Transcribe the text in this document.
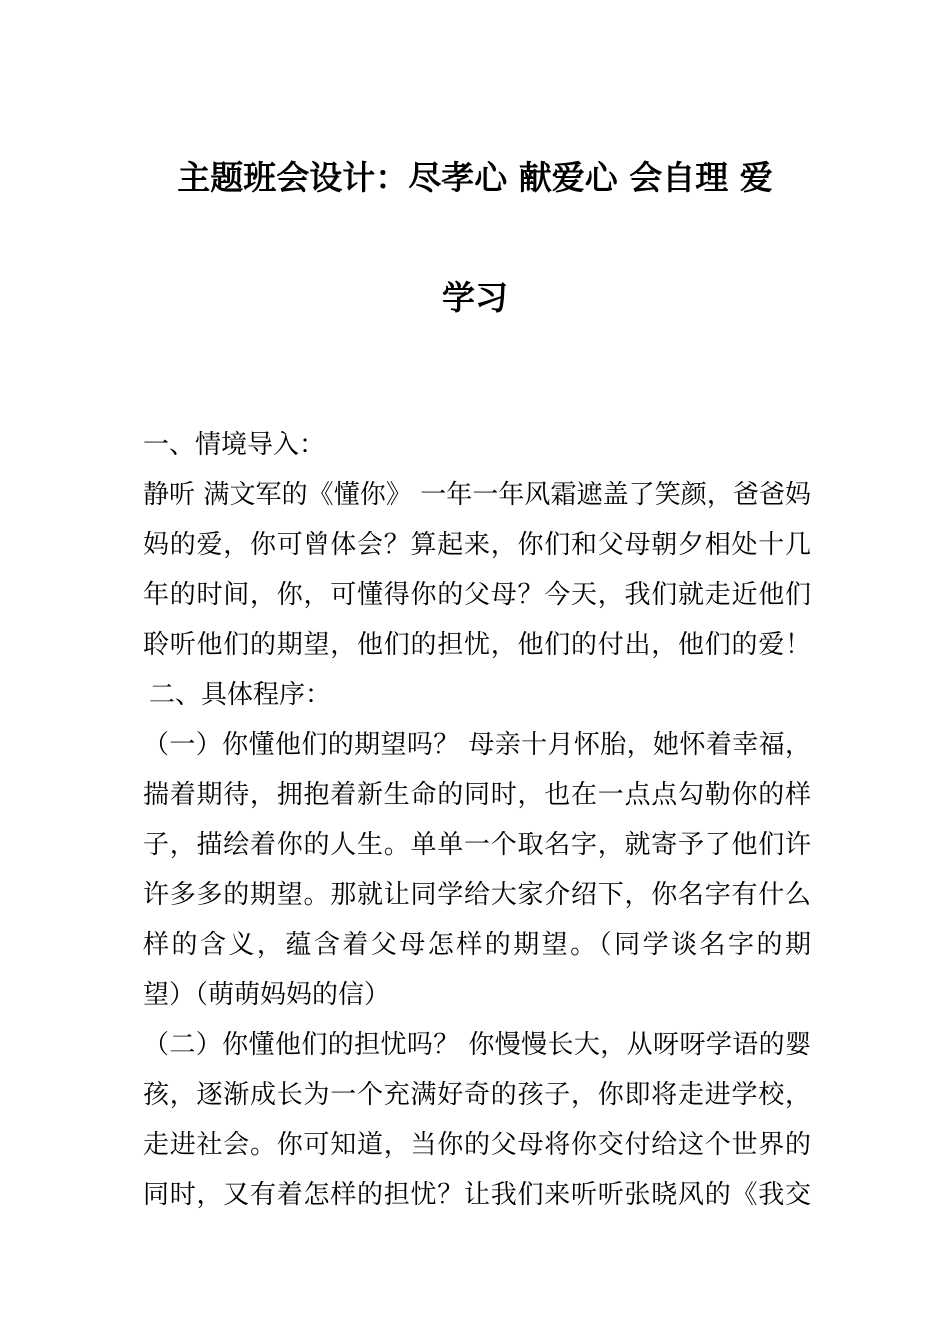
主题班会设计：尽孝心 献爱心 会自理 爱
学习
一、情境导入：
静听 满文军的《懂你》 一年一年风霜遮盖了笑颜，爸爸妈
妈的爱，你可曾体会？算起来，你们和父母朝夕相处十几
年的时间，你，可懂得你的父母？今天，我们就走近他们
聆听他们的期望，他们的担忧，他们的付出，他们的爱！
二、具体程序：
（一）你懂他们的期望吗？ 母亲十月怀胎，她怀着幸福，
揣着期待，拥抱着新生命的同时，也在一点点勾勒你的样
子，描绘着你的人生。单单一个取名字，就寄予了他们许
许多多的期望。那就让同学给大家介绍下，你名字有什么
样的含义，蕴含着父母怎样的期望。（同学谈名字的期
望）（萌萌妈妈的信）
（二）你懂他们的担忧吗？ 你慢慢长大，从呀呀学语的婴
孩，逐渐成长为一个充满好奇的孩子，你即将走进学校，
走进社会。你可知道，当你的父母将你交付给这个世界的
同时，又有着怎样的担忧？让我们来听听张晓风的《我交
